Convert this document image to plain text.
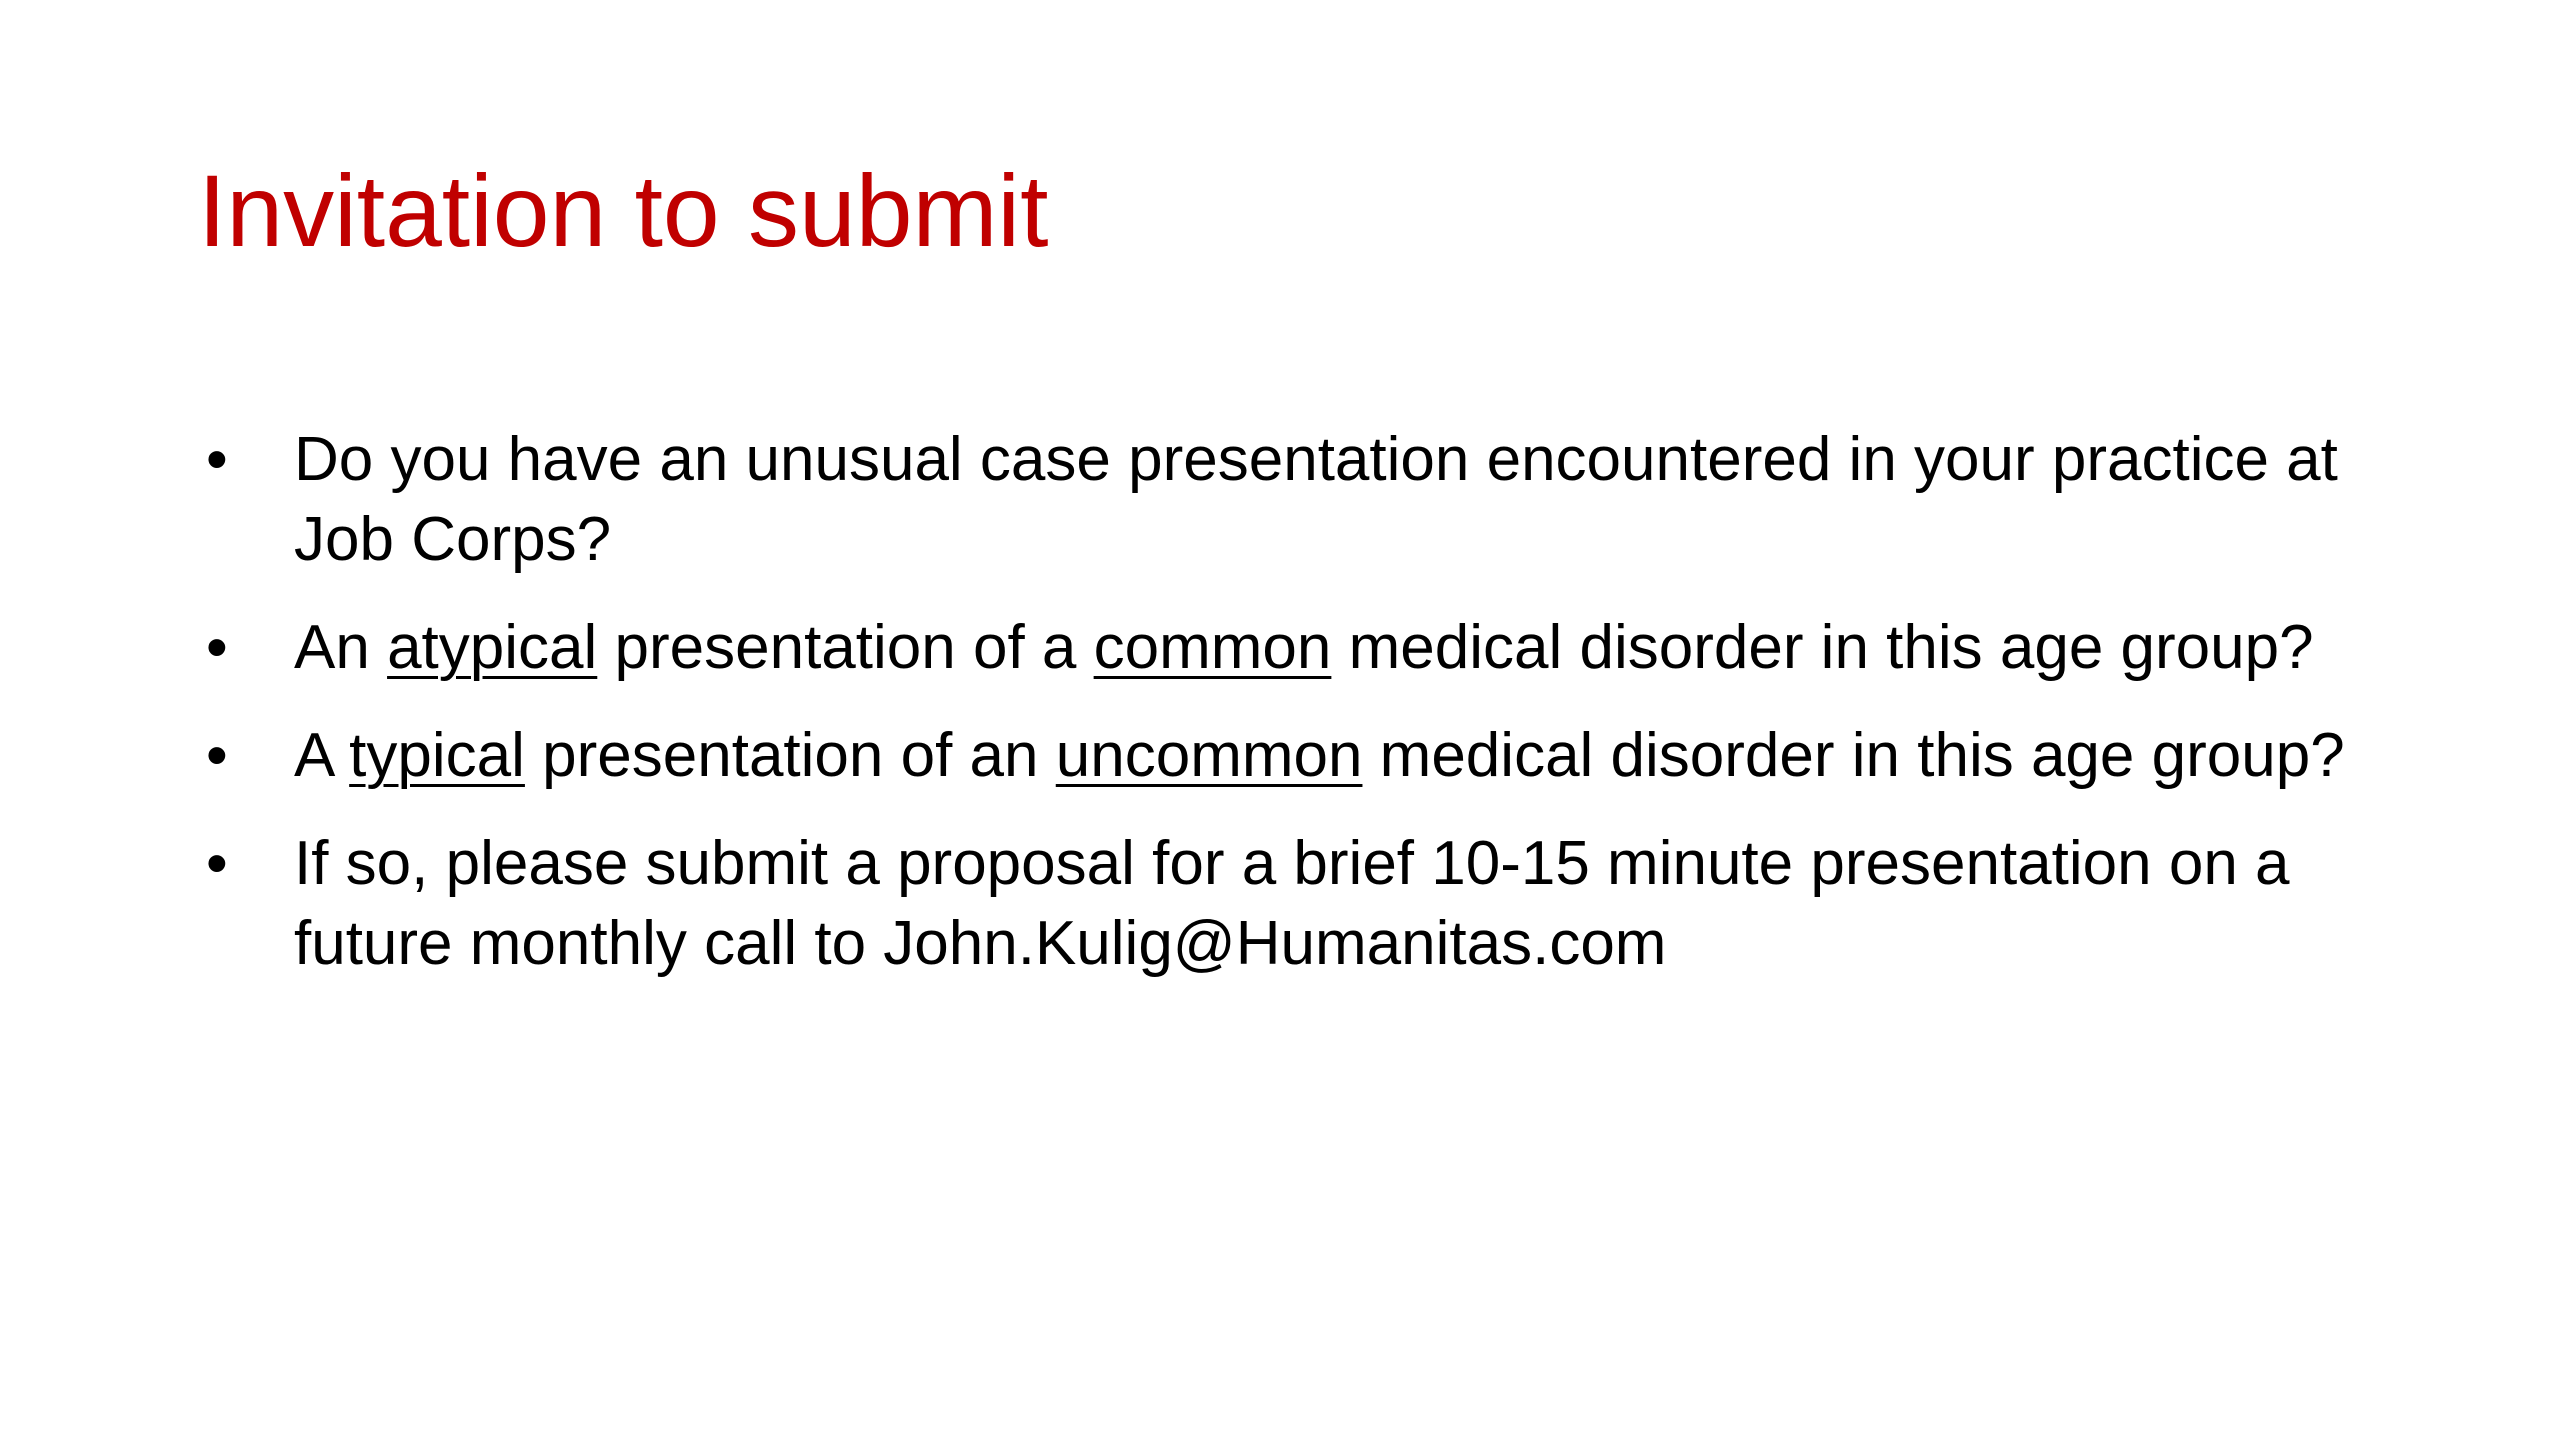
Invitation to submit
• Do you have an unusual case presentation encountered in your practice at Job Corps?
• An atypical presentation of a common medical disorder in this age group?
• A typical presentation of an uncommon medical disorder in this age group?
• If so, please submit a proposal for a brief 10-15 minute presentation on a future monthly call to John.Kulig@Humanitas.com
